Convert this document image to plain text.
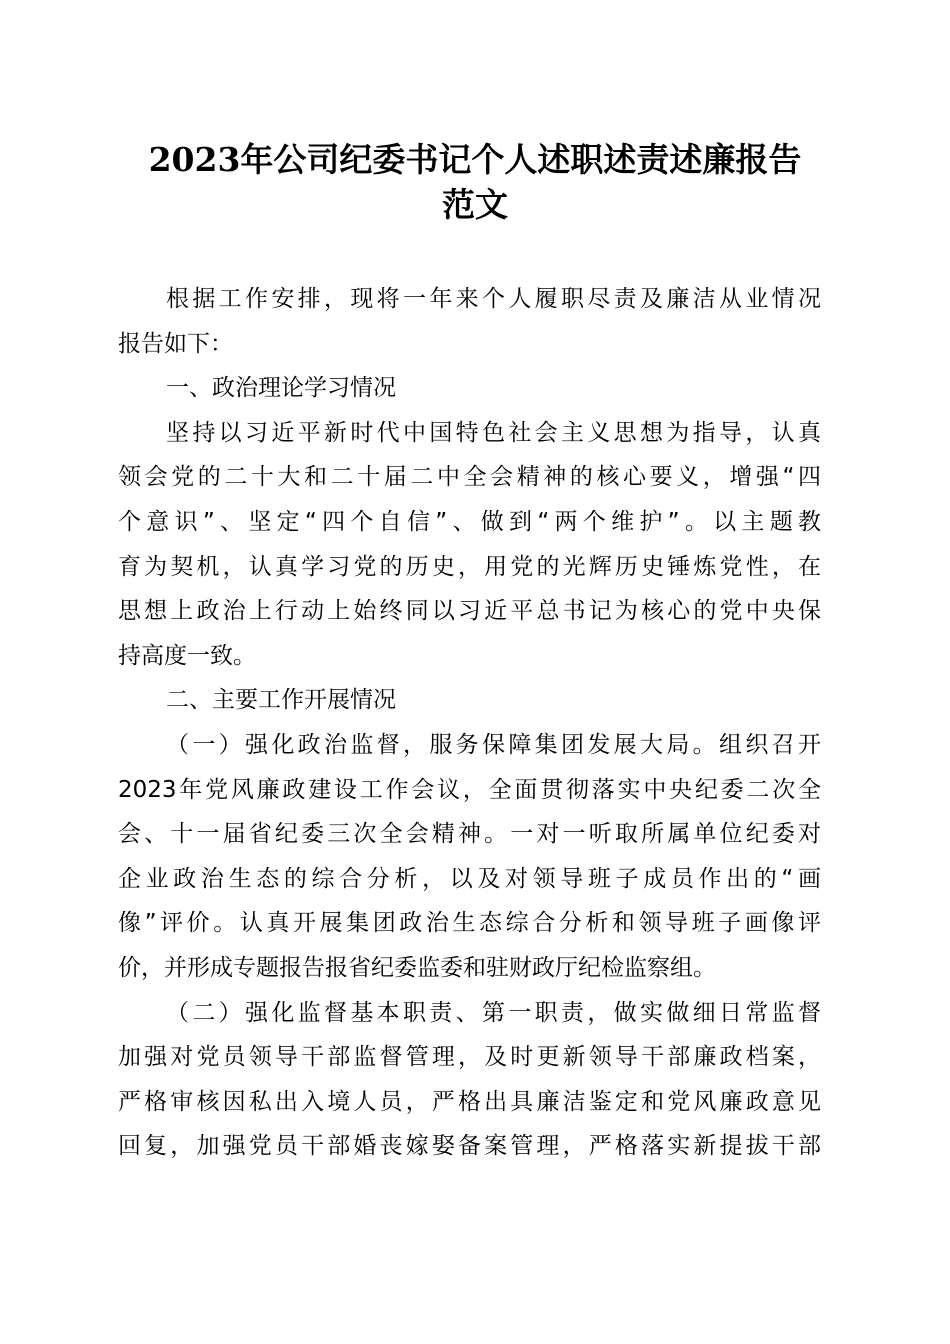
2023年公司纪委书记个人述职述责述廉报告
范文
根据工作安排，现将一年来个人履职尽责及廉洁从业情况
报告如下：
一、政治理论学习情况
坚持以习近平新时代中国特色社会主义思想为指导，认真
领会党的二十大和二十届二中全会精神的核心要义，增强“四
个意识”、坚定“四个自信”、做到“两个维护”。以主题教
育为契机，认真学习党的历史，用党的光辉历史锤炼党性，在
思想上政治上行动上始终同以习近平总书记为核心的党中央保
持高度一致。
二、主要工作开展情况
（一）强化政治监督，服务保障集团发展大局。组织召开
2023年党风廉政建设工作会议，全面贯彻落实中央纪委二次全
会、十一届省纪委三次全会精神。一对一听取所属单位纪委对
企业政治生态的综合分析，以及对领导班子成员作出的“画
像”评价。认真开展集团政治生态综合分析和领导班子画像评
价，并形成专题报告报省纪委监委和驻财政厅纪检监察组。
（二）强化监督基本职责、第一职责，做实做细日常监督
加强对党员领导干部监督管理，及时更新领导干部廉政档案，
严格审核因私出入境人员，严格出具廉洁鉴定和党风廉政意见
回复，加强党员干部婚丧嫁娶备案管理，严格落实新提拔干部
